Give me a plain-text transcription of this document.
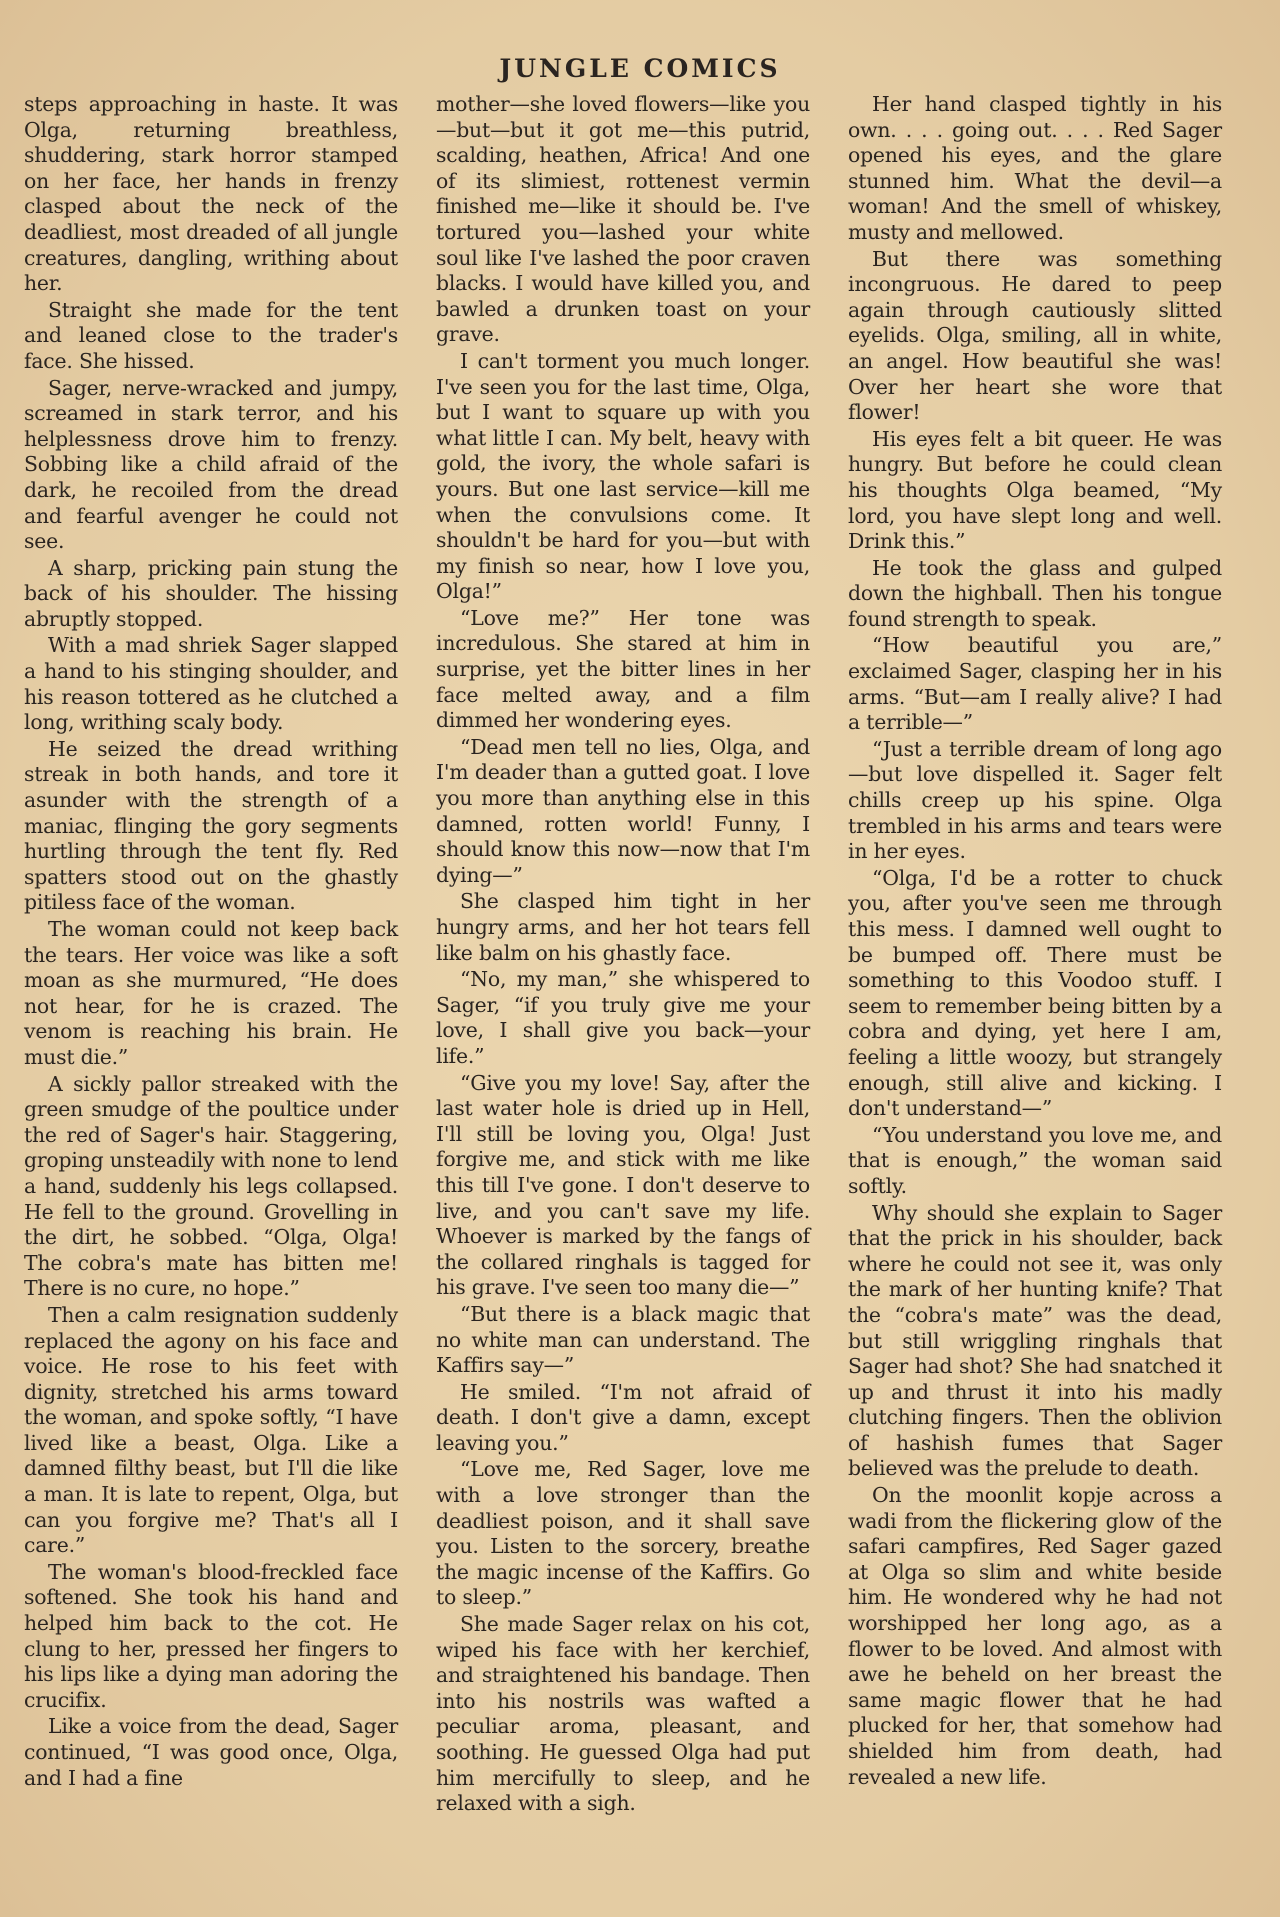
JUNGLE COMICS

steps approaching in haste. It was Olga, returning breathless, shuddering, stark horror stamped on her face, her hands in frenzy clasped about the neck of the deadliest, most dreaded of all jungle creatures, dangling, writhing about her.

Straight she made for the tent and leaned close to the trader's face. She hissed.

Sager, nerve-wracked and jumpy, screamed in stark terror, and his helplessness drove him to frenzy. Sobbing like a child afraid of the dark, he recoiled from the dread and fearful avenger he could not see.

A sharp, pricking pain stung the back of his shoulder. The hissing abruptly stopped.

With a mad shriek Sager slapped a hand to his stinging shoulder, and his reason tottered as he clutched a long, writhing scaly body.

He seized the dread writhing streak in both hands, and tore it asunder with the strength of a maniac, flinging the gory segments hurtling through the tent fly. Red spatters stood out on the ghastly pitiless face of the woman.

The woman could not keep back the tears. Her voice was like a soft moan as she murmured, “He does not hear, for he is crazed. The venom is reaching his brain. He must die.”

A sickly pallor streaked with the green smudge of the poultice under the red of Sager's hair. Staggering, groping unsteadily with none to lend a hand, suddenly his legs collapsed. He fell to the ground. Grovelling in the dirt, he sobbed. “Olga, Olga! The cobra's mate has bitten me! There is no cure, no hope.”

Then a calm resignation suddenly replaced the agony on his face and voice. He rose to his feet with dignity, stretched his arms toward the woman, and spoke softly, “I have lived like a beast, Olga. Like a damned filthy beast, but I'll die like a man. It is late to repent, Olga, but can you forgive me? That's all I care.”

The woman's blood-freckled face softened. She took his hand and helped him back to the cot. He clung to her, pressed her fingers to his lips like a dying man adoring the crucifix.

Like a voice from the dead, Sager continued, “I was good once, Olga, and I had a fine

mother—she loved flowers—like you—but—but it got me—this putrid, scalding, heathen, Africa! And one of its slimiest, rottenest vermin finished me—like it should be. I've tortured you—lashed your white soul like I've lashed the poor craven blacks. I would have killed you, and bawled a drunken toast on your grave.

I can't torment you much longer. I've seen you for the last time, Olga, but I want to square up with you what little I can. My belt, heavy with gold, the ivory, the whole safari is yours. But one last service—kill me when the convulsions come. It shouldn't be hard for you—but with my finish so near, how I love you, Olga!”

“Love me?” Her tone was incredulous. She stared at him in surprise, yet the bitter lines in her face melted away, and a film dimmed her wondering eyes.

“Dead men tell no lies, Olga, and I'm deader than a gutted goat. I love you more than anything else in this damned, rotten world! Funny, I should know this now—now that I'm dying—”

She clasped him tight in her hungry arms, and her hot tears fell like balm on his ghastly face.

“No, my man,” she whispered to Sager, “if you truly give me your love, I shall give you back—your life.”

“Give you my love! Say, after the last water hole is dried up in Hell, I'll still be loving you, Olga! Just forgive me, and stick with me like this till I've gone. I don't deserve to live, and you can't save my life. Whoever is marked by the fangs of the collared ringhals is tagged for his grave. I've seen too many die—”

“But there is a black magic that no white man can understand. The Kaffirs say—”

He smiled. “I'm not afraid of death. I don't give a damn, except leaving you.”

“Love me, Red Sager, love me with a love stronger than the deadliest poison, and it shall save you. Listen to the sorcery, breathe the magic incense of the Kaffirs. Go to sleep.”

She made Sager relax on his cot, wiped his face with her kerchief, and straightened his bandage. Then into his nostrils was wafted a peculiar aroma, pleasant, and soothing. He guessed Olga had put him mercifully to sleep, and he relaxed with a sigh.

Her hand clasped tightly in his own. . . . going out. . . . Red Sager opened his eyes, and the glare stunned him. What the devil—a woman! And the smell of whiskey, musty and mellowed.

But there was something incongruous. He dared to peep again through cautiously slitted eyelids. Olga, smiling, all in white, an angel. How beautiful she was! Over her heart she wore that flower!

His eyes felt a bit queer. He was hungry. But before he could clean his thoughts Olga beamed, “My lord, you have slept long and well. Drink this.”

He took the glass and gulped down the highball. Then his tongue found strength to speak.

“How beautiful you are,” exclaimed Sager, clasping her in his arms. “But—am I really alive? I had a terrible—”

“Just a terrible dream of long ago—but love dispelled it. Sager felt chills creep up his spine. Olga trembled in his arms and tears were in her eyes.

“Olga, I'd be a rotter to chuck you, after you've seen me through this mess. I damned well ought to be bumped off. There must be something to this Voodoo stuff. I seem to remember being bitten by a cobra and dying, yet here I am, feeling a little woozy, but strangely enough, still alive and kicking. I don't understand—”

“You understand you love me, and that is enough,” the woman said softly.

Why should she explain to Sager that the prick in his shoulder, back where he could not see it, was only the mark of her hunting knife? That the “cobra's mate” was the dead, but still wriggling ringhals that Sager had shot? She had snatched it up and thrust it into his madly clutching fingers. Then the oblivion of hashish fumes that Sager believed was the prelude to death.

On the moonlit kopje across a wadi from the flickering glow of the safari campfires, Red Sager gazed at Olga so slim and white beside him. He wondered why he had not worshipped her long ago, as a flower to be loved. And almost with awe he beheld on her breast the same magic flower that he had plucked for her, that somehow had shielded him from death, had revealed a new life.
